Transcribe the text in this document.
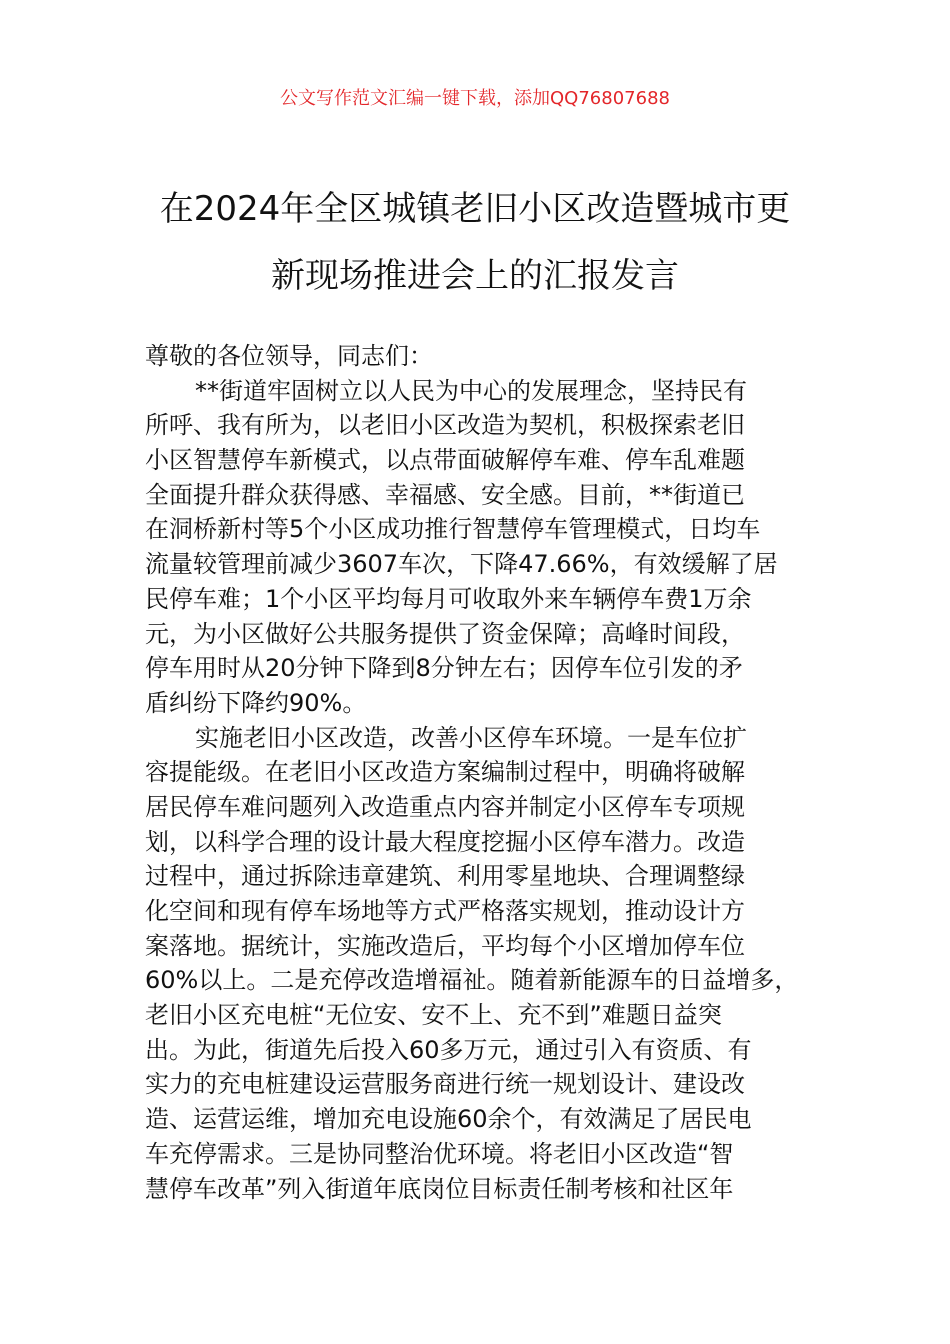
公文写作范文汇编一键下载，添加QQ76807688
在2024年全区城镇老旧小区改造暨城市更
新现场推进会上的汇报发言
尊敬的各位领导，同志们：
**街道牢固树立以人民为中心的发展理念，坚持民有
所呼、我有所为，以老旧小区改造为契机，积极探索老旧
小区智慧停车新模式，以点带面破解停车难、停车乱难题
全面提升群众获得感、幸福感、安全感。目前，**街道已
在洞桥新村等5个小区成功推行智慧停车管理模式，日均车
流量较管理前减少3607车次，下降47.66%，有效缓解了居
民停车难；1个小区平均每月可收取外来车辆停车费1万余
元，为小区做好公共服务提供了资金保障；高峰时间段，
停车用时从20分钟下降到8分钟左右；因停车位引发的矛
盾纠纷下降约90%。
实施老旧小区改造，改善小区停车环境。一是车位扩
容提能级。在老旧小区改造方案编制过程中，明确将破解
居民停车难问题列入改造重点内容并制定小区停车专项规
划，以科学合理的设计最大程度挖掘小区停车潜力。改造
过程中，通过拆除违章建筑、利用零星地块、合理调整绿
化空间和现有停车场地等方式严格落实规划，推动设计方
案落地。据统计，实施改造后，平均每个小区增加停车位
60%以上。二是充停改造增福祉。随着新能源车的日益增多，
老旧小区充电桩“无位安、安不上、充不到”难题日益突
出。为此，街道先后投入60多万元，通过引入有资质、有
实力的充电桩建设运营服务商进行统一规划设计、建设改
造、运营运维，增加充电设施60余个，有效满足了居民电
车充停需求。三是协同整治优环境。将老旧小区改造“智
慧停车改革”列入街道年底岗位目标责任制考核和社区年
